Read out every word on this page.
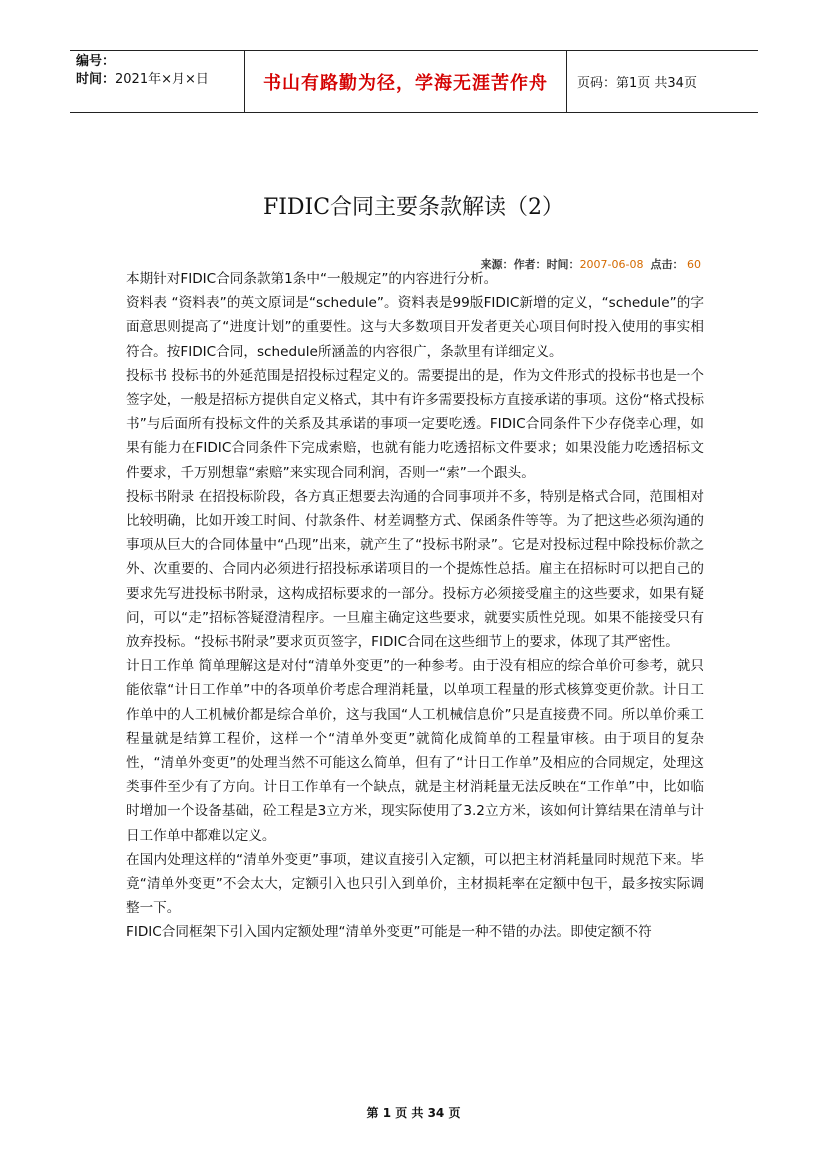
编号：
时间：2021年×月×日	书山有路勤为径，学海无涯苦作舟 页码：第1页 共34页
FIDIC合同主要条款解读（2）
来源：作者：时间：2007-06-08 点击： 60

本期针对FIDIC合同条款第1条中“一般规定”的内容进行分析。

资料表 “资料表”的英文原词是“schedule”。资料表是99版FIDIC新增的定义，“schedule”的字面意思则提高了“进度计划”的重要性。这与大多数项目开发者更关心项目何时投入使用的事实相符合。按FIDIC合同，schedule所涵盖的内容很广，条款里有详细定义。

投标书 投标书的外延范围是招投标过程定义的。需要提出的是，作为文件形式的投标书也是一个签字处，一般是招标方提供自定义格式，其中有许多需要投标方直接承诺的事项。这份“格式投标书”与后面所有投标文件的关系及其承诺的事项一定要吃透。FIDIC合同条件下少存侥幸心理，如果有能力在FIDIC合同条件下完成索赔，也就有能力吃透招标文件要求；如果没能力吃透招标文件要求，千万别想靠“索赔”来实现合同利润，否则一“索”一个跟头。

投标书附录 在招投标阶段，各方真正想要去沟通的合同事项并不多，特别是格式合同，范围相对比较明确，比如开竣工时间、付款条件、材差调整方式、保函条件等等。为了把这些必须沟通的事项从巨大的合同体量中“凸现”出来，就产生了“投标书附录”。它是对投标过程中除投标价款之外、次重要的、合同内必须进行招投标承诺项目的一个提炼性总括。雇主在招标时可以把自己的要求先写进投标书附录，这构成招标要求的一部分。投标方必须接受雇主的这些要求，如果有疑问，可以“走”招标答疑澄清程序。一旦雇主确定这些要求，就要实质性兑现。如果不能接受只有放弃投标。“投标书附录”要求页页签字，FIDIC合同在这些细节上的要求，体现了其严密性。

计日工作单 简单理解这是对付“清单外变更”的一种参考。由于没有相应的综合单价可参考，就只能依靠“计日工作单”中的各项单价考虑合理消耗量，以单项工程量的形式核算变更价款。计日工作单中的人工机械价都是综合单价，这与我国“人工机械信息价”只是直接费不同。所以单价乘工程量就是结算工程价，这样一个“清单外变更”就简化成简单的工程量审核。由于项目的复杂性，“清单外变更”的处理当然不可能这么简单，但有了“计日工作单”及相应的合同规定，处理这类事件至少有了方向。计日工作单有一个缺点，就是主材消耗量无法反映在“工作单”中，比如临时增加一个设备基础，砼工程是3立方米，现实际使用了3.2立方米，该如何计算结果在清单与计日工作单中都难以定义。

在国内处理这样的“清单外变更”事项，建议直接引入定额，可以把主材消耗量同时规范下来。毕竟“清单外变更”不会太大，定额引入也只引入到单价，主材损耗率在定额中包干，最多按实际调整一下。

FIDIC合同框架下引入国内定额处理“清单外变更”可能是一种不错的办法。即使定额不符

第 1 页 共 34 页
